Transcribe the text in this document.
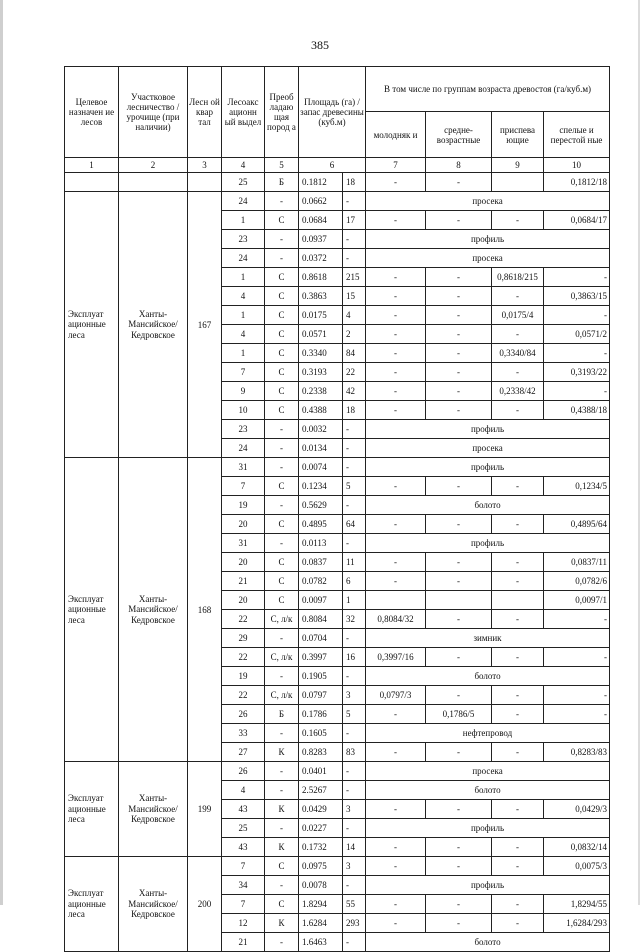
385
Целевое назначен ие лесов	Участковое лесничество /урочище (при наличии)	Лесн ой квар тал	Лесоакс ационн ый выдел	Преоб ладаю щая поpод а	Площадь (га) /запас древесины (куб.м)		В том числе по группам возраста древостоя (га/куб.м)			
							молодняк и	средне- возрастные	приспева ющие	спелые и перестой ные
1	2	3	4	5	6		7	8	9	10
			25	Б	0.1812	18	-	-		0,1812/18
Эксплуат ационные леса	Ханты- Мансийское/ Кедровское	167	24	-	0.0662	-	просека			
			1	С	0.0684	17	-	-	-	0,0684/17
			23	-	0.0937	-	профиль			
			24	-	0.0372	-	просека			
			1	С	0.8618	215	-	-	0,8618/215	-
			4	С	0.3863	15	-	-	-	0,3863/15
			1	С	0.0175	4	-	-	0,0175/4	-
			4	С	0.0571	2	-	-	-	0,0571/2
			1	С	0.3340	84	-	-	0,3340/84	-
			7	С	0.3193	22	-	-	-	0,3193/22
			9	С	0.2338	42	-	-	0,2338/42	-
			10	С	0.4388	18	-	-	-	0,4388/18
			23	-	0.0032	-	профиль			
			24	-	0.0134	-	просека			
Эксплуат ационные леса	Ханты- Мансийское/ Кедровское	168	31	-	0.0074	-	профиль			
			7	С	0.1234	5	-	-	-	0,1234/5
			19	-	0.5629	-	болото			
			20	С	0.4895	64	-	-	-	0,4895/64
			31	-	0.0113	-	профиль			
			20	С	0.0837	11	-	-	-	0,0837/11
			21	С	0.0782	6	-	-	-	0,0782/6
			20	С	0.0097	1				0,0097/1
			22	С, л/к	0.8084	32	0,8084/32	-	-	-
			29	-	0.0704	-	зимник			
			22	С, л/к	0.3997	16	0,3997/16	-	-	-
			19	-	0.1905	-	болото			
			22	С, л/к	0.0797	3	0,0797/3	-	-	-
			26	Б	0.1786	5	-	0,1786/5	-	-
			33	-	0.1605	-	нефтепровод			
			27	К	0.8283	83	-	-	-	0,8283/83
Эксплуат ационные леса	Ханты- Мансийское/ Кедровское	199	26	-	0.0401	-	просека			
			4	-	2.5267	-	болото			
			43	К	0.0429	3	-	-	-	0,0429/3
			25	-	0.0227	-	профиль			
			43	К	0.1732	14	-	-	-	0,0832/14
Эксплуат ационные леса	Ханты- Мансийское/ Кедровское	200	7	С	0.0975	3	-	-	-	0,0075/3
			34	-	0.0078	-	профиль			
			7	С	1.8294	55	-	-	-	1,8294/55
			12	К	1.6284	293	-	-	-	1,6284/293
			21	-	1.6463	-	болото			
